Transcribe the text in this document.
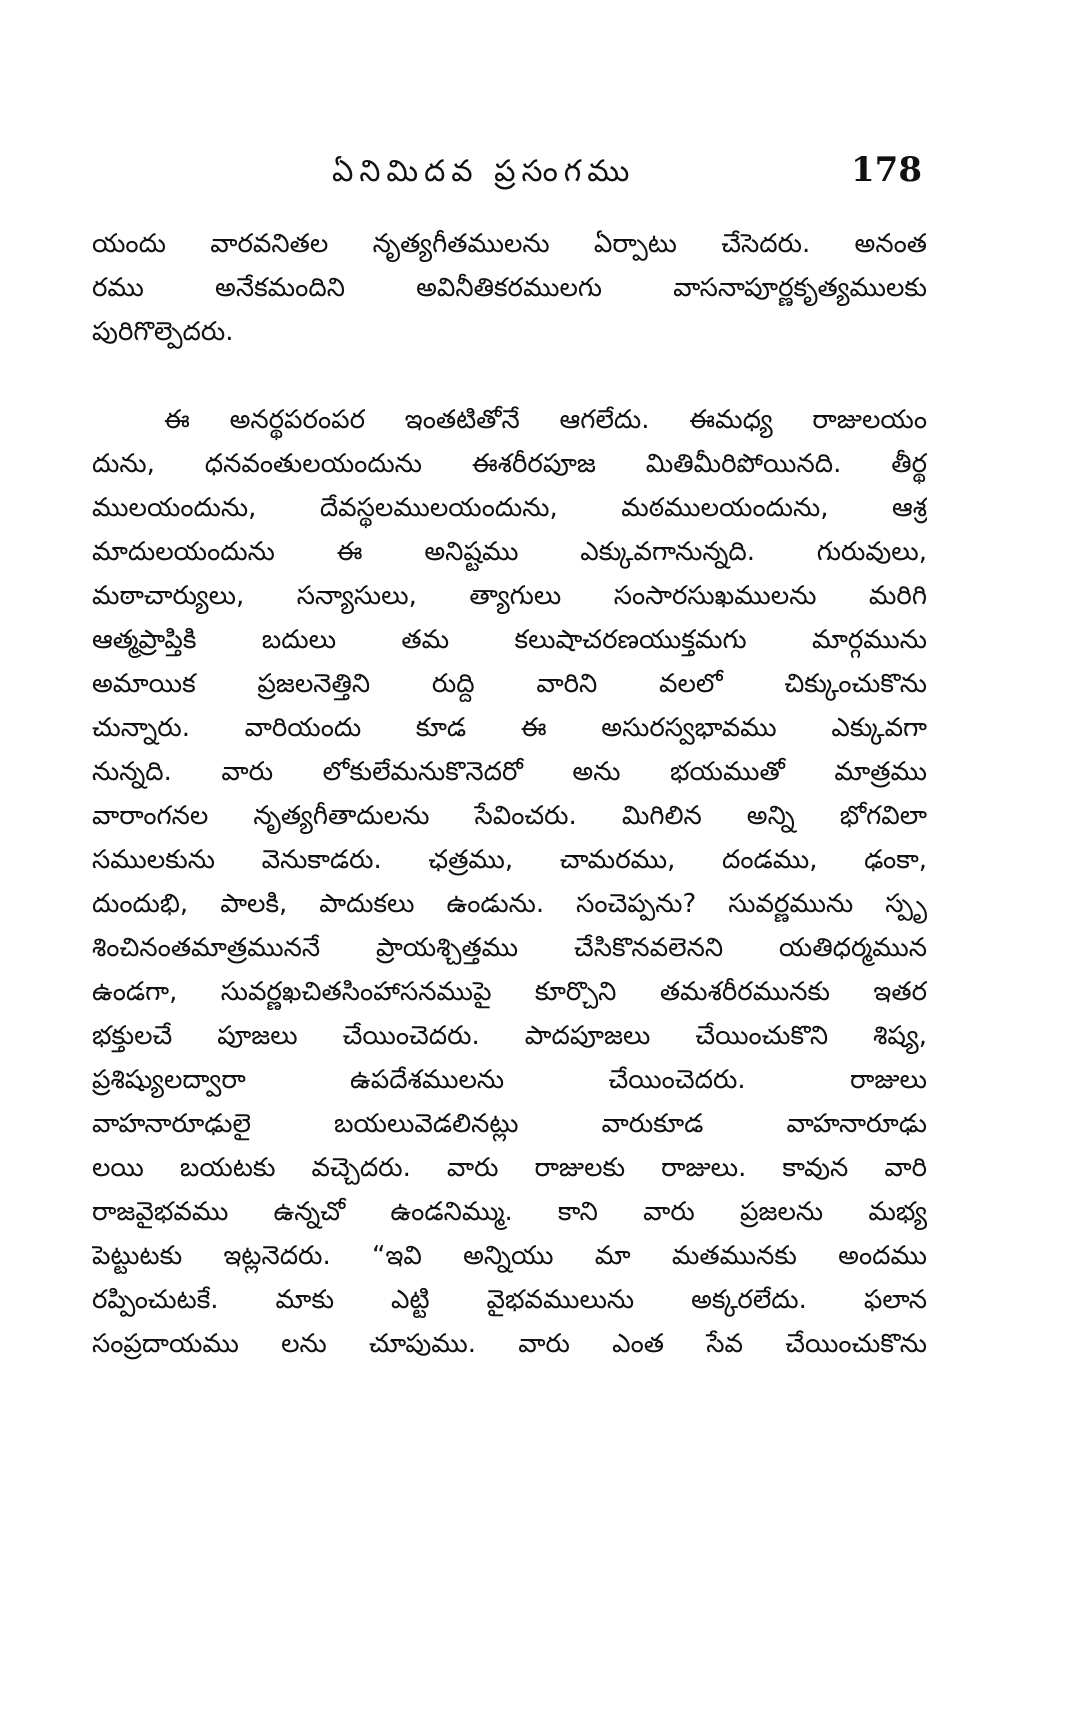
ఏనిమిదవ ప్రసంగము	178
యందు వారవనితల నృత్యగీతములను ఏర్పాటు చేసెదరు. అనంత
రము అనేకమందిని అవినీతికరములగు వాసనాపూర్ణకృత్యములకు
పురిగొల్పెదరు.
ఈ అనర్థపరంపర ఇంతటితోనే ఆగలేదు. ఈమధ్య రాజులయం
దును, ధనవంతులయందును ఈశరీరపూజ మితిమీరిపోయినది. తీర్థ
ములయందును, దేవస్థలములయందును, మఠములయందును, ఆశ్ర
మాదులయందును ఈ అనిష్టము ఎక్కువగానున్నది. గురువులు,
మఠాచార్యులు, సన్యాసులు, త్యాగులు సంసారసుఖములను మరిగి
ఆత్మప్రాప్తికి బదులు తమ కలుషాచరణయుక్తమగు మార్గమును
అమాయిక ప్రజలనెత్తిని రుద్ది వారిని వలలో చిక్కుంచుకొను
చున్నారు. వారియందు కూడ ఈ అసురస్వభావము ఎక్కువగా
నున్నది. వారు లోకులేమనుకొనెదరో అను భయముతో మాత్రము
వారాంగనల నృత్యగీతాదులను సేవించరు. మిగిలిన అన్ని భోగవిలా
సములకును వెనుకాడరు. ఛత్రము, చామరము, దండము, ఢంకా,
దుందుభి, పాలకి, పాదుకలు ఉండును. సంచెప్పను? సువర్ణమును స్పృ
శించినంతమాత్రముననే ప్రాయశ్చిత్తము చేసికొనవలెనని యతిధర్మమున
ఉండగా, సువర్ణఖచితసింహాసనముపై కూర్చొని తమశరీరమునకు ఇతర
భక్తులచే పూజలు చేయించెదరు. పాదపూజలు చేయించుకొని శిష్య,
ప్రశిష్యులద్వారా ఉపదేశములను చేయించెదరు. రాజులు
వాహనారూఢులై బయలువెడలినట్లు వారుకూడ వాహనారూఢు
లయి బయటకు వచ్చెదరు. వారు రాజులకు రాజులు. కావున వారి
రాజవైభవము ఉన్నచో ఉండనిమ్ము. కాని వారు ప్రజలను మభ్య
పెట్టుటకు ఇట్లనెదరు. “ఇవి అన్నియు మా మతమునకు అందము
రప్పించుటకే. మాకు ఎట్టి వైభవములును అక్కరలేదు. ఫలాన
సంప్రదాయము లను చూపుము. వారు ఎంత సేవ చేయించుకొను
